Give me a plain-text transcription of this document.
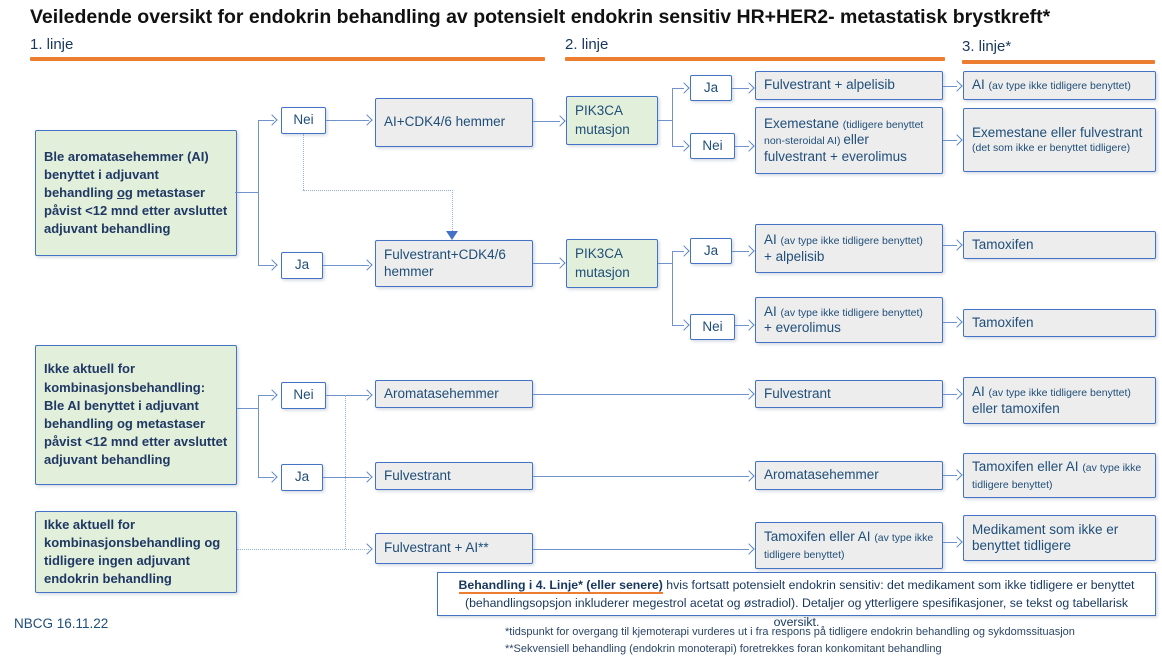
Veiledende oversikt for endokrin behandling av potensielt endokrin sensitiv HR+HER2- metastatisk brystkreft*
1. linje	2. linje	3. linje*
Ble aromatasehemmer (AI) benyttet i adjuvant behandling og metastaser påvist <12 mnd etter avsluttet adjuvant behandling
Nei	AI+CDK4/6 hemmer
PIK3CA mutasjon
Ja	Fulvestrant + alpelisib	AI (av type ikke tidligere benyttet)
Nei
Exemestane (tidligere benyttet non-steroidal AI) eller fulvestrant + everolimus
Exemestane eller fulvestrant
(det som ikke er benyttet tidligere)
Ja
Fulvestrant+CDK4/6 hemmer
PIK3CA mutasjon
Ja
AI (av type ikke tidligere benyttet) + alpelisib
Tamoxifen
Nei
AI (av type ikke tidligere benyttet) + everolimus	Tamoxifen
Ikke aktuell for kombinasjonsbehandling: Ble AI benyttet i adjuvant behandling og metastaser påvist <12 mnd etter avsluttet adjuvant behandling
Nei	Aromatasehemmer	Fulvestrant	AI (av type ikke tidligere benyttet)
eller tamoxifen
Ja	Fulvestrant	Aromatasehemmer
Tamoxifen eller AI (av type ikke tidligere benyttet)
Ikke aktuell for kombinasjonsbehandling og tidligere ingen adjuvant endokrin behandling
Fulvestrant + AI**
Tamoxifen eller AI (av type ikke tidligere benyttet)
Medikament som ikke er benyttet tidligere
Behandling i 4. Linje* (eller senere) hvis fortsatt potensielt endokrin sensitiv: det medikament som ikke tidligere er benyttet (behandlingsopsjon inkluderer megestrol acetat og østradiol). Detaljer og ytterligere spesifikasjoner, se tekst og tabellarisk oversikt.
NBCG 16.11.22
*tidspunkt for overgang til kjemoterapi vurderes ut i fra respons på tidligere endokrin behandling og sykdomssituasjon
**Sekvensiell behandling (endokrin monoterapi) foretrekkes foran konkomitant behandling
